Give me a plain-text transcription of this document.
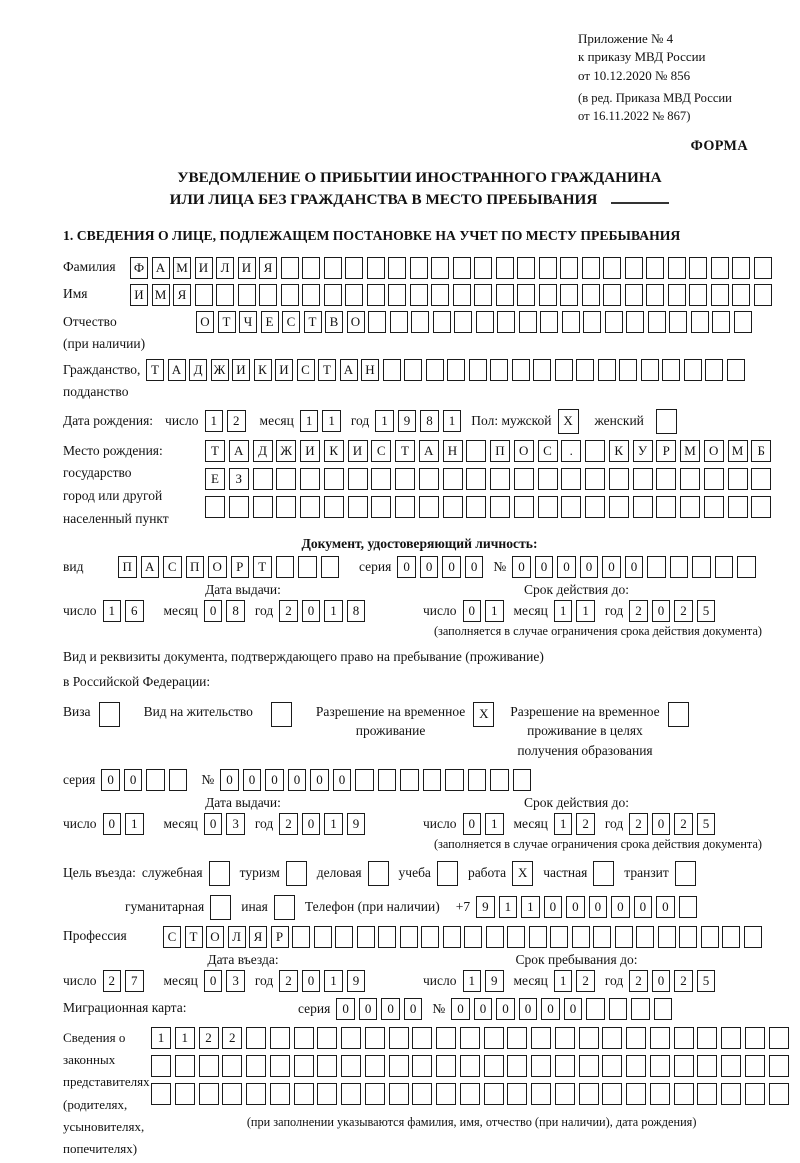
Приложение № 4
к приказу МВД России
от 10.12.2020 № 856
(в ред. Приказа МВД России
от 16.11.2022 № 867)
ФОРМА
УВЕДОМЛЕНИЕ О ПРИБЫТИИ ИНОСТРАННОГО ГРАЖДАНИНА
ИЛИ ЛИЦА БЕЗ ГРАЖДАНСТВА В МЕСТО ПРЕБЫВАНИЯ
1. СВЕДЕНИЯ О ЛИЦЕ, ПОДЛЕЖАЩЕМ ПОСТАНОВКЕ НА УЧЕТ ПО МЕСТУ ПРЕБЫВАНИЯ
Фамилия	Ф А М И Л И Я
Имя	И М Я
Отчество
(при наличии)
О Т	Ч	Е	С	Т	В О
Гражданство,
подданство
Т А Д Ж И К И С	Т А Н
Дата рождения: число 1	2	месяц 1	1	год 1	9	8	1	Пол: мужской X	женский
Место рождения:
государство
город или другой
населенный пункт
Т	А	Д	Ж	И	К	И	С	Т	А	Н	П	О	С	.	К	У	Р	М	О	М	Б
Е	З
Документ, удостоверяющий личность:
вид	П	А	С	П	О	Р	Т	серия 0	0	0	0	№ 0	0	0	0	0	0
Дата выдачи:	Срок действия до:
число 1	6	месяц 0	8	год 2	0	1	8	число 0	1	месяц 1	1	год 2	0	2	5
(заполняется в случае ограничения срока действия документа)
Вид и реквизиты документа, подтверждающего право на пребывание (проживание)
в Российской Федерации:
Виза	Вид на жительство	Разрешение на временное
проживание
X	Разрешение на временное
проживание в целях
получения образования
серия 0	0	№ 0	0	0	0	0	0
Дата выдачи:	Срок действия до:
число 0	1	месяц 0	3	год 2	0	1	9	число 0	1	месяц 1	2	год 2	0	2	5
(заполняется в случае ограничения срока действия документа)
Цель въезда: служебная	туризм	деловая	учеба	работа X	частная	транзит
гуманитарная	иная	Телефон (при наличии) +7 9	1	1	0	0	0	0	0	0
Профессия	С	Т О Л Я	Р
Дата въезда:	Срок пребывания до:
число 2	7	месяц 0	3	год 2	0	1	9	число 1	9	месяц 1	2	год 2	0	2	5
Миграционная карта:	серия 0	0	0	0	№ 0	0	0	0	0	0
Сведения о
законных
представителях
(родителях,
усыновителях,
попечителях)
1	1	2	2
(при заполнении указываются фамилия, имя, отчество (при наличии), дата рождения)
